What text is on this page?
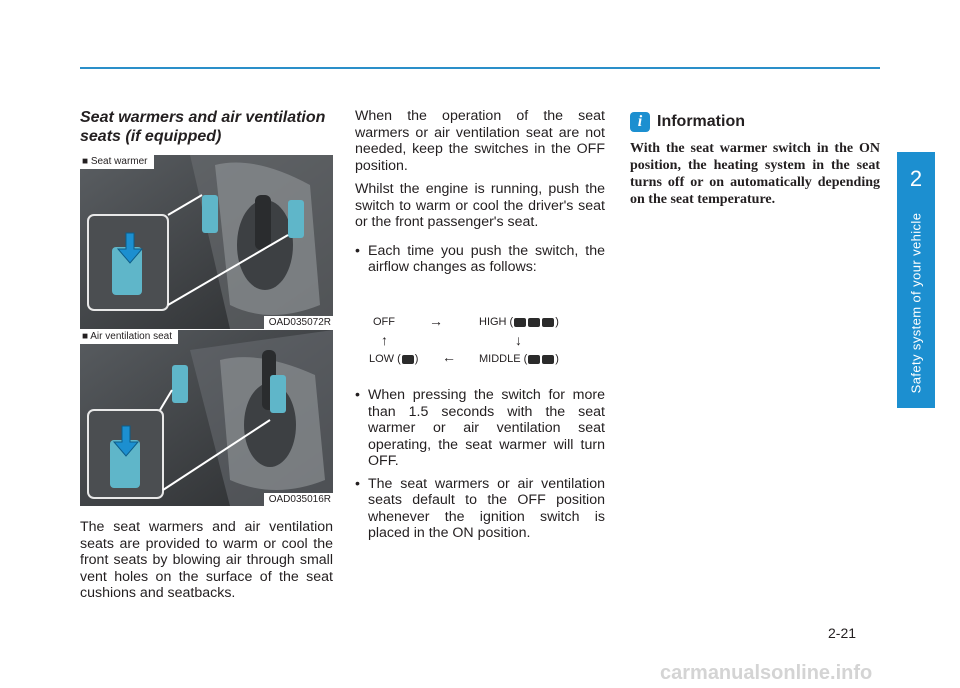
2
Safety system of your vehicle

Seat warmers and air ventilation seats (if equipped)

■ Seat warmer
OAD035072R
■ Air ventilation seat
OAD035016R

The seat warmers and air ventilation seats are provided to warm or cool the front seats by blowing air through small vent holes on the surface of the seat cushions and seatbacks.

When the operation of the seat warmers or air ventilation seat are not needed, keep the switches in the OFF position.

Whilst the engine is running, push the switch to warm or cool the driver's seat or the front passenger's seat.

• Each time you push the switch, the airflow changes as follows:
OFF →	HIGH (	)
↑	↓
LOW ( ) ← MIDDLE (	)
• When pressing the switch for more than 1.5 seconds with the seat warmer or air ventilation seat operating, the seat warmer will turn OFF.
• The seat warmers or air ventilation seats default to the OFF position whenever the ignition switch is placed in the ON position.
i Information
With the seat warmer switch in the ON position, the heating system in the seat turns off or on automatically depending on the seat temperature.
2-21
carmanualsonline.info
